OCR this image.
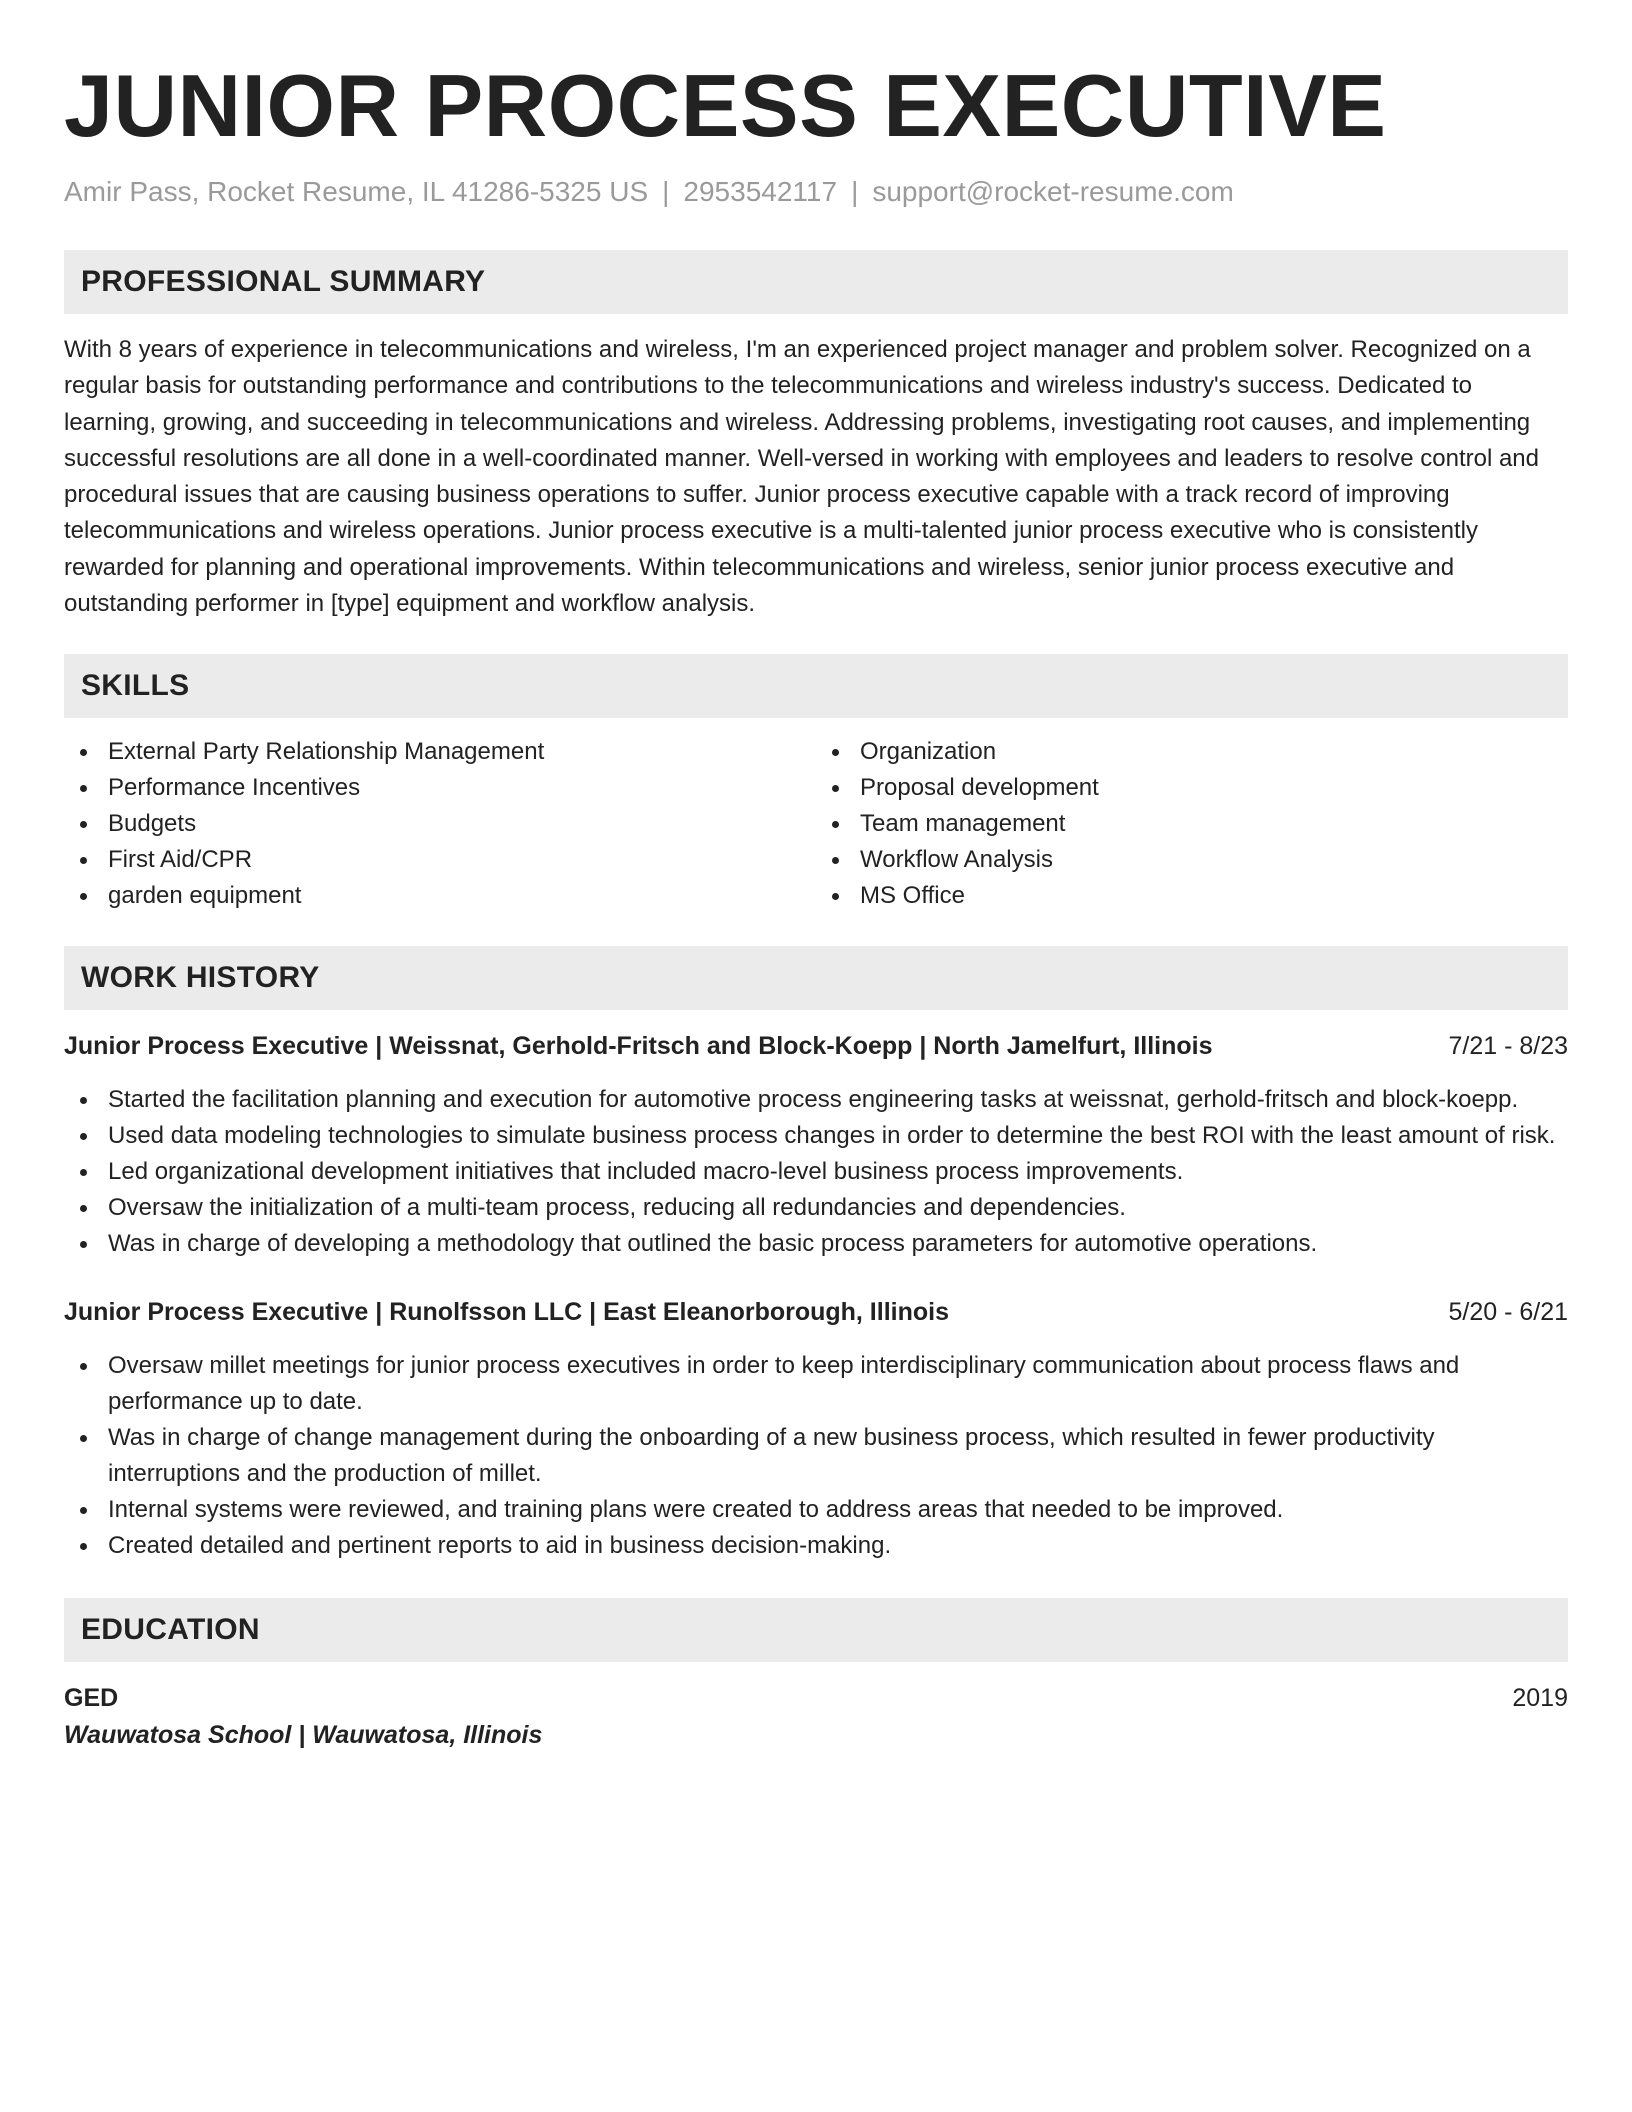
JUNIOR PROCESS EXECUTIVE
Amir Pass, Rocket Resume, IL 41286-5325 US | 2953542117 | support@rocket-resume.com
PROFESSIONAL SUMMARY
With 8 years of experience in telecommunications and wireless, I'm an experienced project manager and problem solver. Recognized on a regular basis for outstanding performance and contributions to the telecommunications and wireless industry's success. Dedicated to learning, growing, and succeeding in telecommunications and wireless. Addressing problems, investigating root causes, and implementing successful resolutions are all done in a well-coordinated manner. Well-versed in working with employees and leaders to resolve control and procedural issues that are causing business operations to suffer. Junior process executive capable with a track record of improving telecommunications and wireless operations. Junior process executive is a multi-talented junior process executive who is consistently rewarded for planning and operational improvements. Within telecommunications and wireless, senior junior process executive and outstanding performer in [type] equipment and workflow analysis.
SKILLS
External Party Relationship Management
Performance Incentives
Budgets
First Aid/CPR
garden equipment
Organization
Proposal development
Team management
Workflow Analysis
MS Office
WORK HISTORY
Junior Process Executive | Weissnat, Gerhold-Fritsch and Block-Koepp | North Jamelfurt, Illinois	7/21 - 8/23
Started the facilitation planning and execution for automotive process engineering tasks at weissnat, gerhold-fritsch and block-koepp.
Used data modeling technologies to simulate business process changes in order to determine the best ROI with the least amount of risk.
Led organizational development initiatives that included macro-level business process improvements.
Oversaw the initialization of a multi-team process, reducing all redundancies and dependencies.
Was in charge of developing a methodology that outlined the basic process parameters for automotive operations.
Junior Process Executive | Runolfsson LLC | East Eleanorborough, Illinois	5/20 - 6/21
Oversaw millet meetings for junior process executives in order to keep interdisciplinary communication about process flaws and performance up to date.
Was in charge of change management during the onboarding of a new business process, which resulted in fewer productivity interruptions and the production of millet.
Internal systems were reviewed, and training plans were created to address areas that needed to be improved.
Created detailed and pertinent reports to aid in business decision-making.
EDUCATION
GED	2019
Wauwatosa School | Wauwatosa, Illinois
